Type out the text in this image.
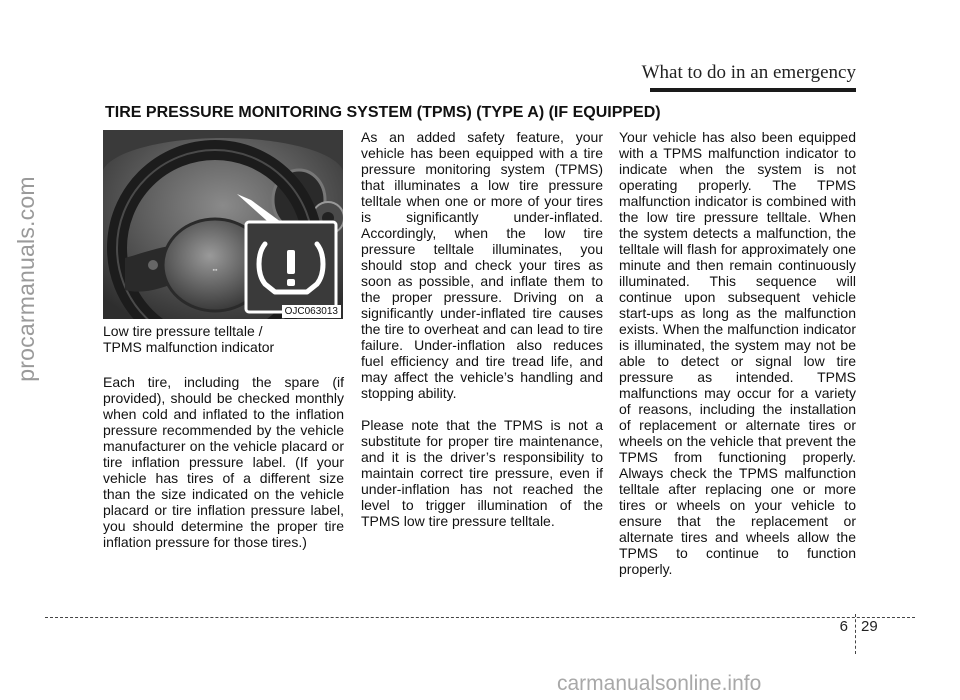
procarmanuals.com
What to do in an emergency
TIRE PRESSURE MONITORING SYSTEM (TPMS) (TYPE A) (IF EQUIPPED)
▪▪
OJC063013
Low tire pressure telltale /
TPMS malfunction indicator

Each tire, including the spare (if provided), should be checked monthly when cold and inflated to the inflation pressure recommended by the vehicle manufacturer on the vehicle placard or tire inflation pressure label. (If your vehicle has tires of a different size than the size indicated on the vehicle placard or tire inflation pressure label, you should determine the proper tire inflation pressure for those tires.)

As an added safety feature, your vehicle has been equipped with a tire pressure monitoring system (TPMS) that illuminates a low tire pressure telltale when one or more of your tires is significantly under-inflated. Accordingly, when the low tire pressure telltale illuminates, you should stop and check your tires as soon as possible, and inflate them to the proper pressure. Driving on a significantly under-inflated tire causes the tire to overheat and can lead to tire failure. Under-inflation also reduces fuel efficiency and tire tread life, and may affect the vehicle’s handling and stopping ability.

Please note that the TPMS is not a substitute for proper tire maintenance, and it is the driver’s responsibility to maintain correct tire pressure, even if under-inflation has not reached the level to trigger illumination of the TPMS low tire pressure telltale.

Your vehicle has also been equipped with a TPMS malfunction indicator to indicate when the system is not operating properly. The TPMS malfunction indicator is combined with the low tire pressure telltale. When the system detects a malfunction, the telltale will flash for approximately one minute and then remain continuously illuminated. This sequence will continue upon subsequent vehicle start-ups as long as the malfunction exists. When the malfunction indicator is illuminated, the system may not be able to detect or signal low tire pressure as intended. TPMS malfunctions may occur for a variety of reasons, including the installation of replacement or alternate tires or wheels on the vehicle that prevent the TPMS from functioning properly. Always check the TPMS malfunction telltale after replacing one or more tires or wheels on your vehicle to ensure that the replacement or alternate tires and wheels allow the TPMS to continue to function properly.

6 29
carmanualsonline.info
